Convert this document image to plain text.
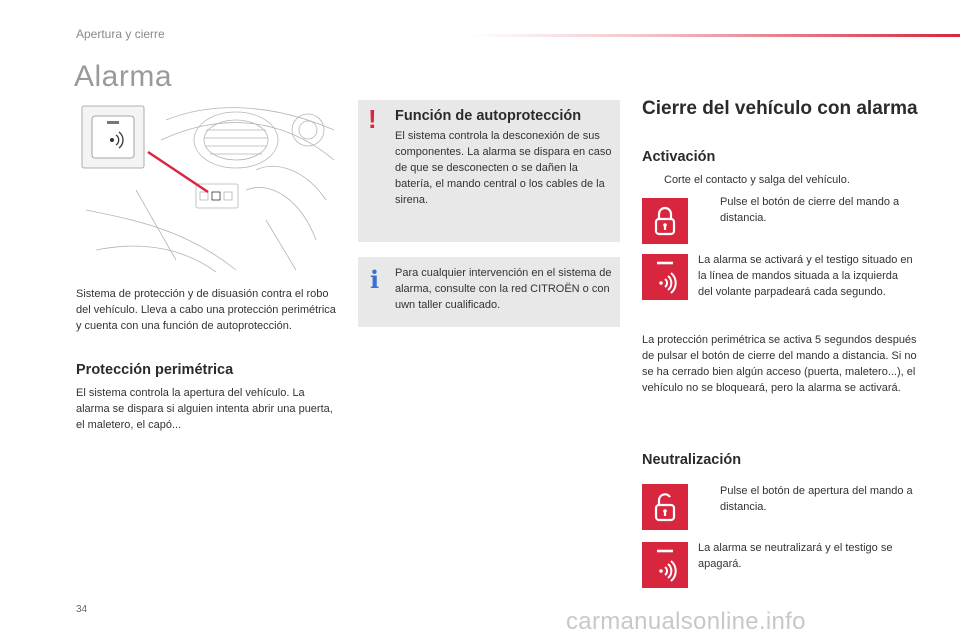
Apertura y cierre
Alarma

Sistema de protección y de disuasión contra el robo del vehículo. Lleva a cabo una protección perimétrica y cuenta con una función de autoprotección.

Protección perimétrica

El sistema controla la apertura del vehículo. La alarma se dispara si alguien intenta abrir una puerta, el maletero, el capó...

! Función de autoprotección

El sistema controla la desconexión de sus componentes. La alarma se dispara en caso de que se desconecten o se dañen la batería, el mando central o los cables de la sirena.

i Para cualquier intervención en el sistema de alarma, consulte con la red CITROËN o con uwn taller cualificado.

Cierre del vehículo con alarma
Activación
Corte el contacto y salga del vehículo.
Pulse el botón de cierre del mando a distancia.

La alarma se activará y el testigo situado en la línea de mandos situada a la izquierda del volante parpadeará cada segundo.

La protección perimétrica se activa 5 segundos después de pulsar el botón de cierre del mando a distancia. Si no se ha cerrado bien algún acceso (puerta, maletero...), el vehículo no se bloqueará, pero la alarma se activará.

Neutralización
Pulse el botón de apertura del mando a distancia.

La alarma se neutralizará y el testigo se apagará.

34	carmanualsonline.info
